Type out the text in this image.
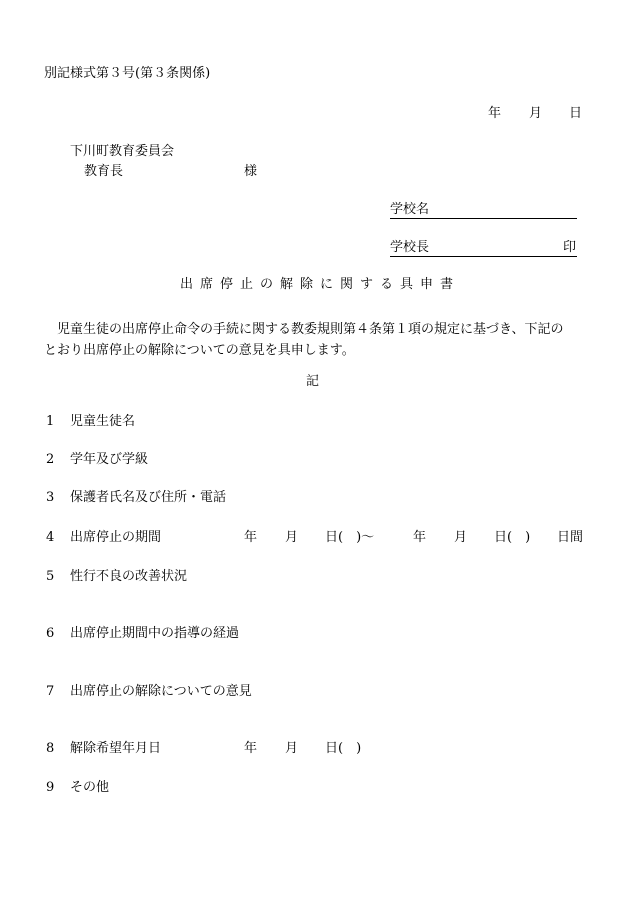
別記様式第３号(第３条関係)
年 月 日
下川町教育委員会
教育長	様
学校名
学校長	印
出席停止の解除に関する具申書
　児童生徒の出席停止命令の手続に関する教委規則第４条第１項の規定に基づき、下記の
とおり出席停止の解除についての意見を具申します。
記
1 児童生徒名
2 学年及び学級
3 保護者氏名及び住所・電話
4 出席停止の期間	年 月 日(　)〜	年 月 日(　) 日間
5 性行不良の改善状況
6 出席停止期間中の指導の経過
7 出席停止の解除についての意見
8 解除希望年月日	年 月 日(　)
9 その他
